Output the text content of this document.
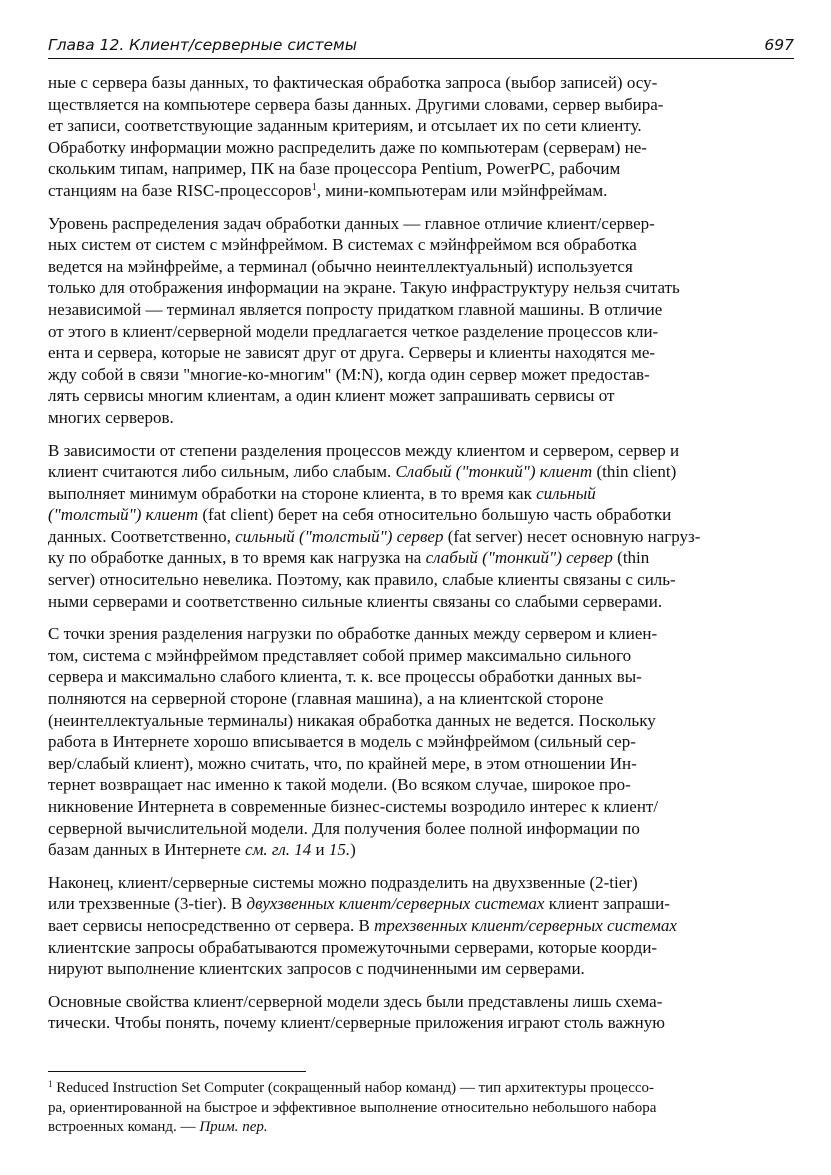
Глава 12. Клиент/серверные системы	697

ные с сервера базы данных, то фактическая обработка запроса (выбор записей) осу-
ществляется на компьютере сервера базы данных. Другими словами, сервер выбира-
ет записи, соответствующие заданным критериям, и отсылает их по сети клиенту.
Обработку информации можно распределить даже по компьютерам (серверам) не-
скольким типам, например, ПК на базе процессора Pentium, PowerPC, рабочим
станциям на базе RISC-процессоров$^1$, мини-компьютерам или мэйнфреймам.

Уровень распределения задач обработки данных — главное отличие клиент/сервер-
ных систем от систем с мэйнфреймом. В системах с мэйнфреймом вся обработка
ведется на мэйнфрейме, а терминал (обычно неинтеллектуальный) используется
только для отображения информации на экране. Такую инфраструктуру нельзя считать
независимой — терминал является попросту придатком главной машины. В отличие
от этого в клиент/серверной модели предлагается четкое разделение процессов кли-
ента и сервера, которые не зависят друг от друга. Серверы и клиенты находятся ме-
жду собой в связи "многие-ко-многим" (M:N), когда один сервер может предостав-
лять сервисы многим клиентам, а один клиент может запрашивать сервисы от
многих серверов.

В зависимости от степени разделения процессов между клиентом и сервером, сервер и
клиент считаются либо сильным, либо слабым. Слабый ("тонкий") клиент (thin client)
выполняет минимум обработки на стороне клиента, в то время как сильный
("толстый") клиент (fat client) берет на себя относительно большую часть обработки
данных. Соответственно, сильный ("толстый") сервер (fat server) несет основную нагруз-
ку по обработке данных, в то время как нагрузка на слабый ("тонкий") сервер (thin
server) относительно невелика. Поэтому, как правило, слабые клиенты связаны с силь-
ными серверами и соответственно сильные клиенты связаны со слабыми серверами.

С точки зрения разделения нагрузки по обработке данных между сервером и клиен-
том, система с мэйнфреймом представляет собой пример максимально сильного
сервера и максимально слабого клиента, т. к. все процессы обработки данных вы-
полняются на серверной стороне (главная машина), а на клиентской стороне
(неинтеллектуальные терминалы) никакая обработка данных не ведется. Поскольку
работа в Интернете хорошо вписывается в модель с мэйнфреймом (сильный сер-
вер/слабый клиент), можно считать, что, по крайней мере, в этом отношении Ин-
тернет возвращает нас именно к такой модели. (Во всяком случае, широкое про-
никновение Интернета в современные бизнес-системы возродило интерес к клиент/
серверной вычислительной модели. Для получения более полной информации по
базам данных в Интернете см. гл. 14 и 15.)

Наконец, клиент/серверные системы можно подразделить на двухзвенные (2-tier)
или трехзвенные (3-tier). В двухзвенных клиент/серверных системах клиент запраши-
вает сервисы непосредственно от сервера. В трехзвенных клиент/серверных системах
клиентские запросы обрабатываются промежуточными серверами, которые коорди-
нируют выполнение клиентских запросов с подчиненными им серверами.

Основные свойства клиент/серверной модели здесь были представлены лишь схема-
тически. Чтобы понять, почему клиент/серверные приложения играют столь важную

$^1$ Reduced Instruction Set Computer (сокращенный набор команд) — тип архитектуры процессо-
ра, ориентированной на быстрое и эффективное выполнение относительно небольшого набора
встроенных команд. — Прим. пер.
